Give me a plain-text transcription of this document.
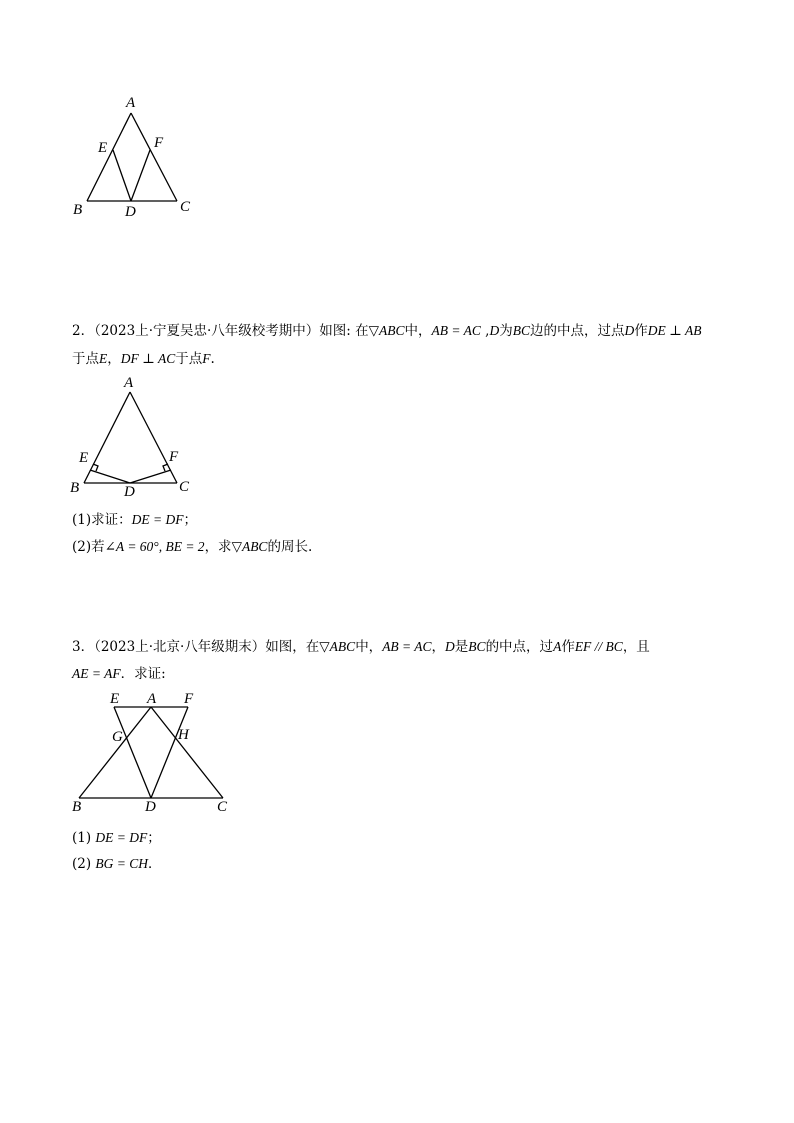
A
E	F
B	D	C
2．（2023上·宁夏吴忠·八年级校考期中）如图: 在▽ABC中，AB = AC ,D为BC边的中点，过点D作DE ⊥ AB
于点E，DF ⊥ AC于点F.
A
E	F
B	D	C
(1)求证：DE = DF；
(2)若∠A = 60°, BE = 2，求▽ABC的周长.
3．（2023上·北京·八年级期末）如图，在▽ABC中，AB = AC，D是BC的中点，过A作EF // BC，且
AE = AF．求证:
E A F
G	H
B	D	C
(1) DE = DF；
(2) BG = CH．
